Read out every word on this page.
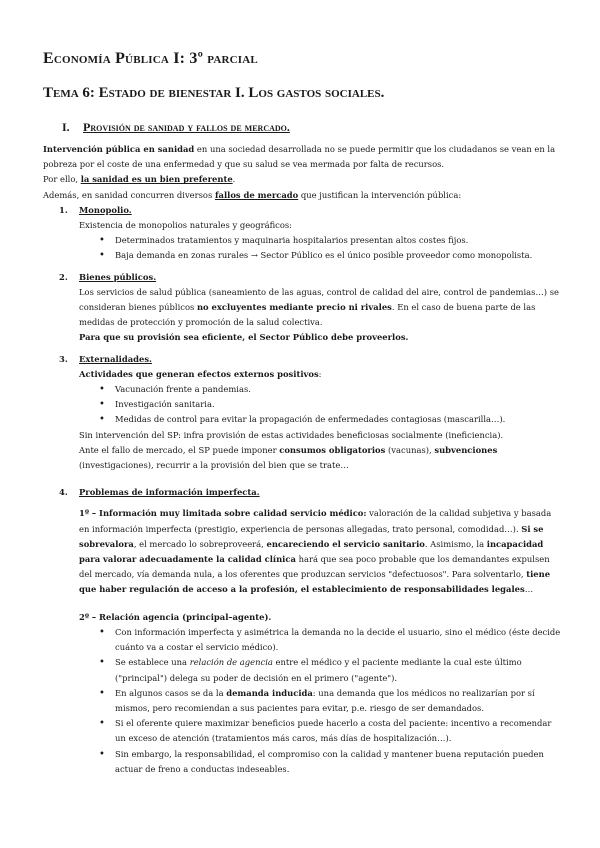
Economía Pública I: 3º parcial
Tema 6: Estado de bienestar I. Los gastos sociales.
I. Provisión de sanidad y fallos de mercado.

Intervención pública en sanidad en una sociedad desarrollada no se puede permitir que los ciudadanos se vean en la pobreza por el coste de una enfermedad y que su salud se vea mermada por falta de recursos.

Por ello, la sanidad es un bien preferente.

Además, en sanidad concurren diversos fallos de mercado que justifican la intervención pública:

1. Monopolio.
Existencia de monopolios naturales y geográficos:
• Determinados tratamientos y maquinaria hospitalarios presentan altos costes fijos.
• Baja demanda en zonas rurales → Sector Público es el único posible proveedor como monopolista.
2. Bienes públicos.
Los servicios de salud pública (saneamiento de las aguas, control de calidad del aire, control de pandemias…) se consideran bienes públicos no excluyentes mediante precio ni rivales. En el caso de buena parte de las medidas de protección y promoción de la salud colectiva.
Para que su provisión sea eficiente, el Sector Público debe proveerlos.
3. Externalidades.
Actividades que generan efectos externos positivos:
• Vacunación frente a pandemias.
• Investigación sanitaria.
• Medidas de control para evitar la propagación de enfermedades contagiosas (mascarilla…).
Sin intervención del SP: infra provisión de estas actividades beneficiosas socialmente (ineficiencia).
Ante el fallo de mercado, el SP puede imponer consumos obligatorios (vacunas), subvenciones (investigaciones), recurrir a la provisión del bien que se trate…
4. Problemas de información imperfecta.
1º – Información muy limitada sobre calidad servicio médico: valoración de la calidad subjetiva y basada en información imperfecta (prestigio, experiencia de personas allegadas, trato personal, comodidad…). Si se sobrevalora, el mercado lo sobreproveerá, encareciendo el servicio sanitario. Asimismo, la incapacidad para valorar adecuadamente la calidad clínica hará que sea poco probable que los demandantes expulsen del mercado, vía demanda nula, a los oferentes que produzcan servicios "defectuosos". Para solventarlo, tiene que haber regulación de acceso a la profesión, el establecimiento de responsabilidades legales…
2º – Relación agencia (principal–agente).
• Con información imperfecta y asimétrica la demanda no la decide el usuario, sino el médico (éste decide cuánto va a costar el servicio médico).
• Se establece una relación de agencia entre el médico y el paciente mediante la cual este último ("principal") delega su poder de decisión en el primero ("agente").
• En algunos casos se da la demanda inducida: una demanda que los médicos no realizarían por sí mismos, pero recomiendan a sus pacientes para evitar, p.e. riesgo de ser demandados.
• Si el oferente quiere maximizar beneficios puede hacerlo a costa del paciente: incentivo a recomendar un exceso de atención (tratamientos más caros, más días de hospitalización…).
• Sin embargo, la responsabilidad, el compromiso con la calidad y mantener buena reputación pueden actuar de freno a conductas indeseables.
